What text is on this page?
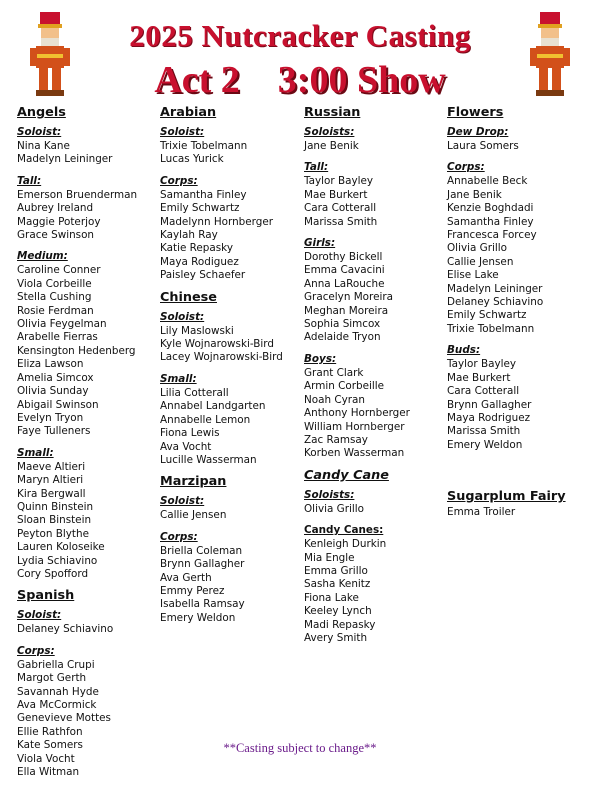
2025 Nutcracker Casting
Act 2 3:00 Show
Angels
Soloist:
Nina Kane
Madelyn Leininger
Tall:
Emerson Bruenderman
Aubrey Ireland
Maggie Poterjoy
Grace Swinson
Medium:
Caroline Conner
Viola Corbeille
Stella Cushing
Rosie Ferdman
Olivia Feygelman
Arabelle Fierras
Kensington Hedenberg
Eliza Lawson
Amelia Simcox
Olivia Sunday
Abigail Swinson
Evelyn Tryon
Faye Tulleners
Small:
Maeve Altieri
Maryn Altieri
Kira Bergwall
Quinn Binstein
Sloan Binstein
Peyton Blythe
Lauren Koloseike
Lydia Schiavino
Cory Spofford
Spanish
Soloist:
Delaney Schiavino
Corps:
Gabriella Crupi
Margot Gerth
Savannah Hyde
Ava McCormick
Genevieve Mottes
Ellie Rathfon
Kate Somers
Viola Vocht
Ella Witman
Arabian
Soloist:
Trixie Tobelmann
Lucas Yurick
Corps:
Samantha Finley
Emily Schwartz
Madelynn Hornberger
Kaylah Ray
Katie Repasky
Maya Rodiguez
Paisley Schaefer
Chinese
Soloist:
Lily Maslowski
Kyle Wojnarowski-Bird
Lacey Wojnarowski-Bird
Small:
Lilia Cotterall
Annabel Landgarten
Annabelle Lemon
Fiona Lewis
Ava Vocht
Lucille Wasserman
Marzipan
Soloist:
Callie Jensen
Corps:
Briella Coleman
Brynn Gallagher
Ava Gerth
Emmy Perez
Isabella Ramsay
Emery Weldon
Russian
Soloists:
Jane Benik
Tall:
Taylor Bayley
Mae Burkert
Cara Cotterall
Marissa Smith
Girls:
Dorothy Bickell
Emma Cavacini
Anna LaRouche
Gracelyn Moreira
Meghan Moreira
Sophia Simcox
Adelaide Tryon
Boys:
Grant Clark
Armin Corbeille
Noah Cyran
Anthony Hornberger
William Hornberger
Zac Ramsay
Korben Wasserman
Candy Cane
Soloists:
Olivia Grillo
Candy Canes:
Kenleigh Durkin
Mia Engle
Emma Grillo
Sasha Kenitz
Fiona Lake
Keeley Lynch
Madi Repasky
Avery Smith
Flowers
Dew Drop:
Laura Somers
Corps:
Annabelle Beck
Jane Benik
Kenzie Boghdadi
Samantha Finley
Francesca Forcey
Olivia Grillo
Callie Jensen
Elise Lake
Madelyn Leininger
Delaney Schiavino
Emily Schwartz
Trixie Tobelmann
Buds:
Taylor Bayley
Mae Burkert
Cara Cotterall
Brynn Gallagher
Maya Rodriguez
Marissa Smith
Emery Weldon
Sugarplum Fairy
Emma Troiler
**Casting subject to change**
